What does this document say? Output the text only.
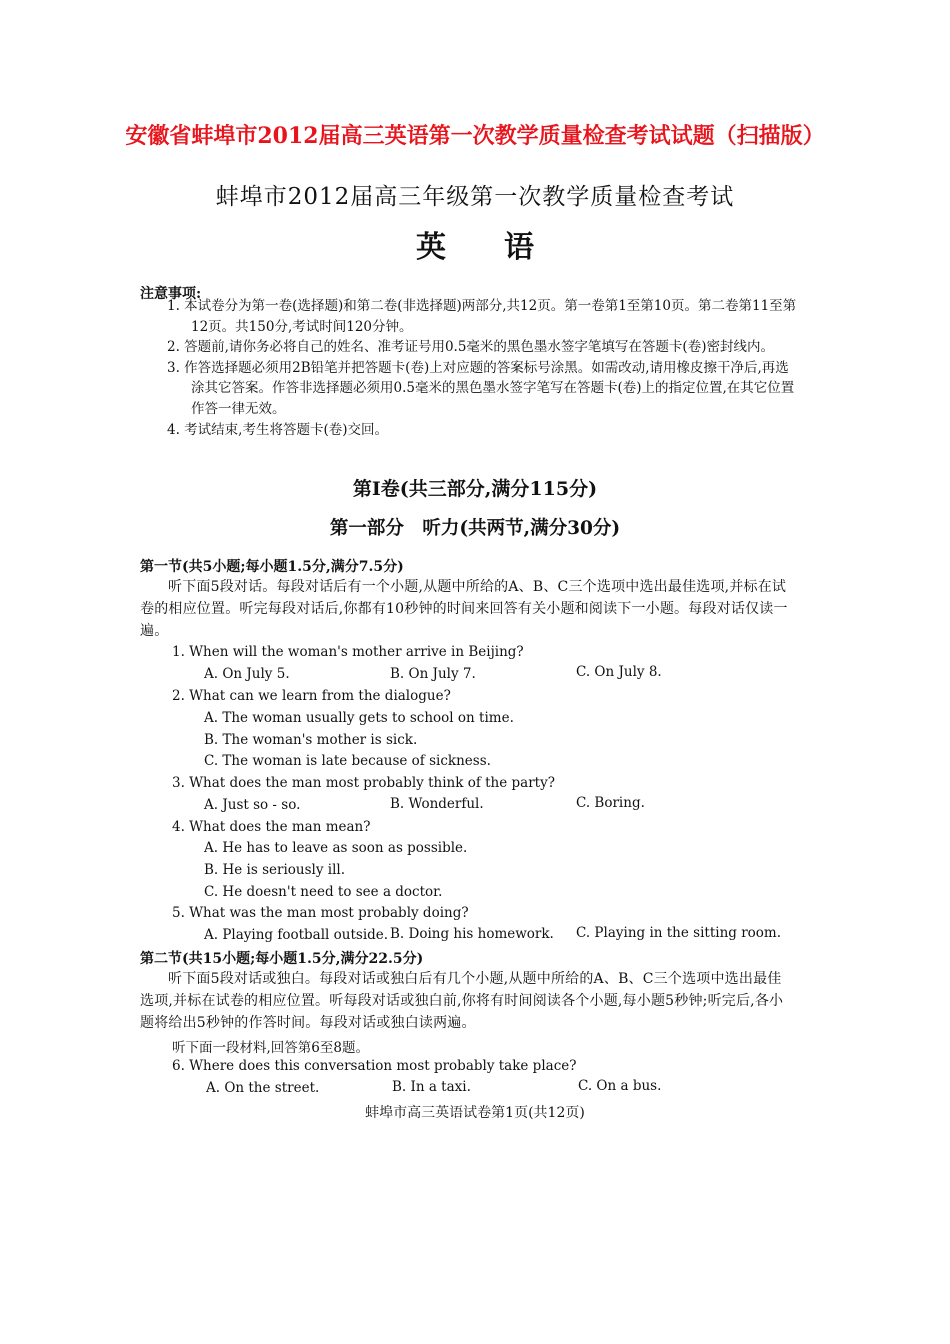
安徽省蚌埠市2012届高三英语第一次教学质量检查考试试题（扫描版）
蚌埠市2012届高三年级第一次教学质量检查考试
英语
注意事项:
1. 本试卷分为第一卷(选择题)和第二卷(非选择题)两部分,共12页。第一卷第1至第10页。第二卷第11至第12页。共150分,考试时间120分钟。
2. 答题前,请你务必将自己的姓名、准考证号用0.5毫米的黑色墨水签字笔填写在答题卡(卷)密封线内。
3. 作答选择题必须用2B铅笔并把答题卡(卷)上对应题的答案标号涂黑。如需改动,请用橡皮擦干净后,再选涂其它答案。作答非选择题必须用0.5毫米的黑色墨水签字笔写在答题卡(卷)上的指定位置,在其它位置作答一律无效。
4. 考试结束,考生将答题卡(卷)交回。
第Ⅰ卷(共三部分,满分115分)
第一部分　听力(共两节,满分30分)
第一节(共5小题;每小题1.5分,满分7.5分)
听下面5段对话。每段对话后有一个小题,从题中所给的A、B、C三个选项中选出最佳选项,并标在试卷的相应位置。听完每段对话后,你都有10秒钟的时间来回答有关小题和阅读下一小题。每段对话仅读一遍。
1. When will the woman's mother arrive in Beijing?
A. On July 5.	B. On July 7.	C. On July 8.
2. What can we learn from the dialogue?
A. The woman usually gets to school on time.
B. The woman's mother is sick.
C. The woman is late because of sickness.
3. What does the man most probably think of the party?
A. Just so - so.	B. Wonderful.	C. Boring.
4. What does the man mean?
A. He has to leave as soon as possible.
B. He is seriously ill.
C. He doesn't need to see a doctor.
5. What was the man most probably doing?
A. Playing football outside. B. Doing his homework. C. Playing in the sitting room.
第二节(共15小题;每小题1.5分,满分22.5分)
听下面5段对话或独白。每段对话或独白后有几个小题,从题中所给的A、B、C三个选项中选出最佳选项,并标在试卷的相应位置。听每段对话或独白前,你将有时间阅读各个小题,每小题5秒钟;听完后,各小题将给出5秒钟的作答时间。每段对话或独白读两遍。
听下面一段材料,回答第6至8题。
6. Where does this conversation most probably take place?
A. On the street.	B. In a taxi.	C. On a bus.
蚌埠市高三英语试卷第1页(共12页)
